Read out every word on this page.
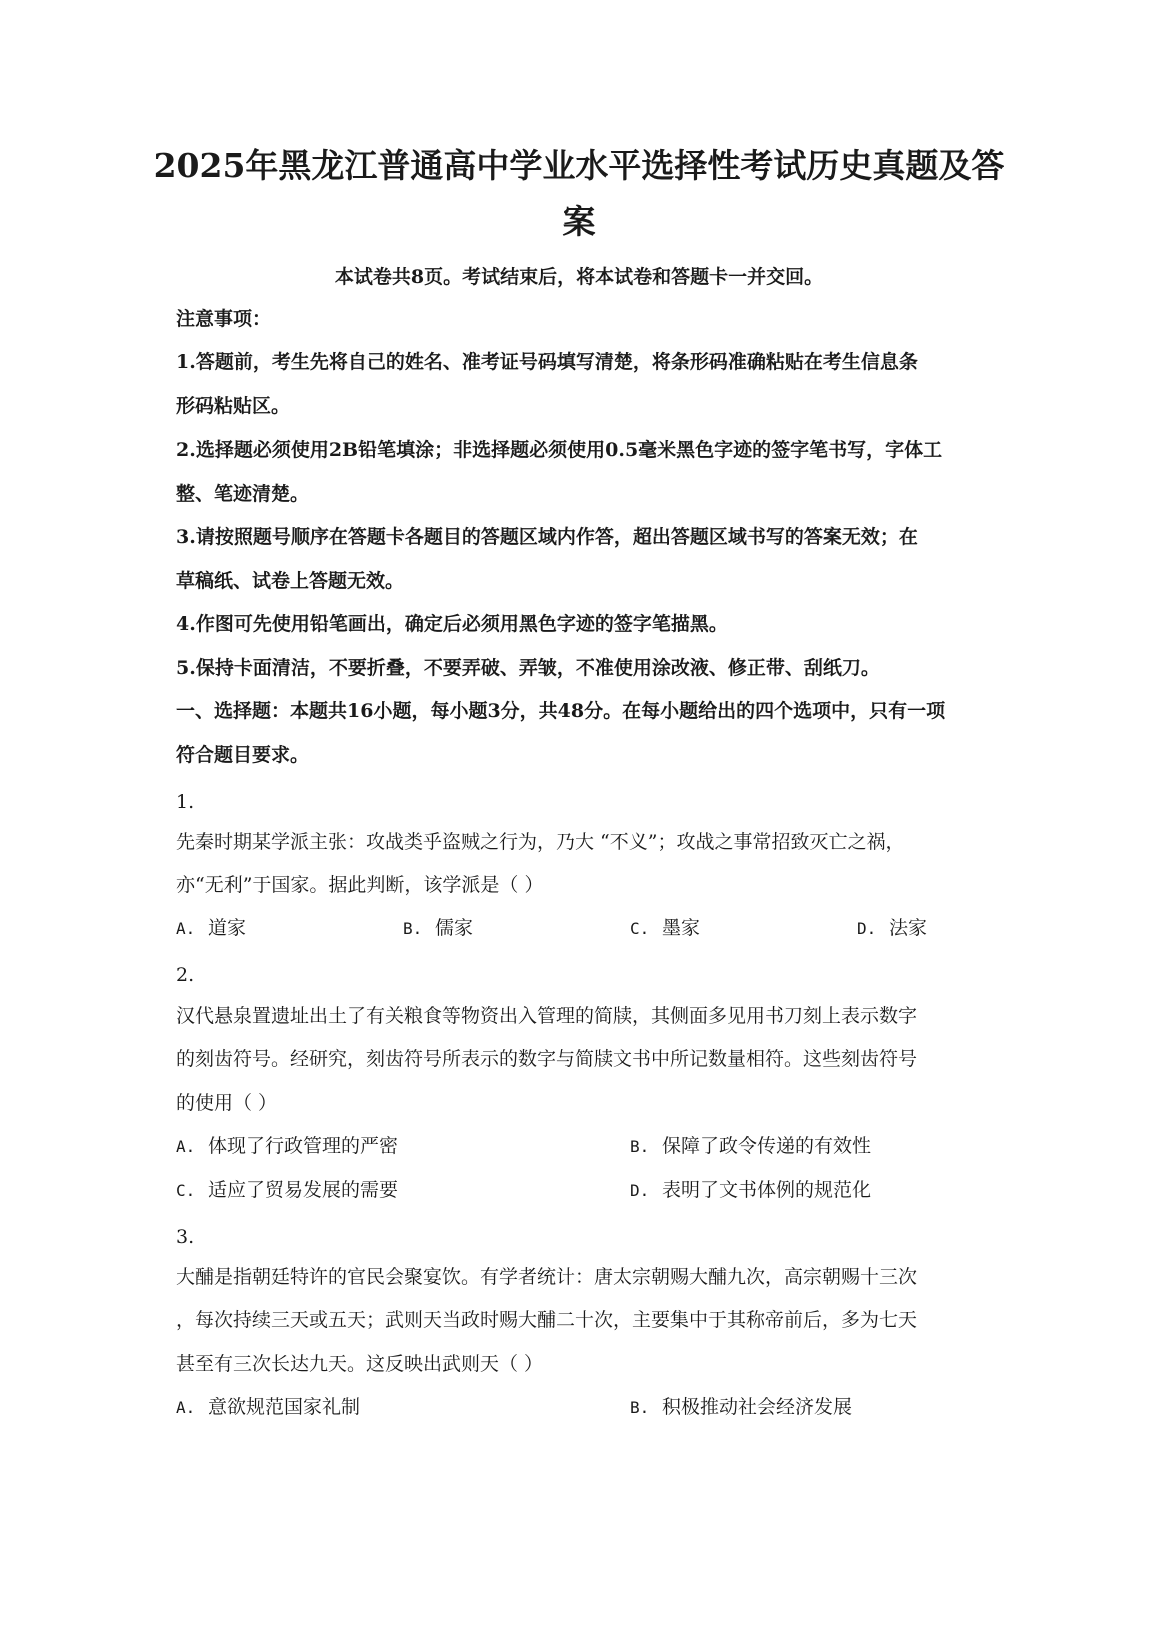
2025年黑龙江普通高中学业水平选择性考试历史真题及答
案
本试卷共8页。考试结束后，将本试卷和答题卡一并交回。
注意事项：
1.答题前，考生先将自己的姓名、准考证号码填写清楚，将条形码准确粘贴在考生信息条
形码粘贴区。
2.选择题必须使用2B铅笔填涂；非选择题必须使用0.5毫米黑色字迹的签字笔书写，字体工
整、笔迹清楚。
3.请按照题号顺序在答题卡各题目的答题区域内作答，超出答题区域书写的答案无效；在
草稿纸、试卷上答题无效。
4.作图可先使用铅笔画出，确定后必须用黑色字迹的签字笔描黑。
5.保持卡面清洁，不要折叠，不要弄破、弄皱，不准使用涂改液、修正带、刮纸刀。
一、选择题：本题共16小题，每小题3分，共48分。在每小题给出的四个选项中，只有一项
符合题目要求。
1.
先秦时期某学派主张：攻战类乎盗贼之行为，乃大 “不义”；攻战之事常招致灭亡之祸，
亦“无利”于国家。据此判断，该学派是（ ）
A. 道家	B. 儒家	C. 墨家	D. 法家
2.
汉代悬泉置遗址出土了有关粮食等物资出入管理的简牍，其侧面多见用书刀刻上表示数字
的刻齿符号。经研究，刻齿符号所表示的数字与简牍文书中所记数量相符。这些刻齿符号
的使用（ ）
A. 体现了行政管理的严密	B. 保障了政令传递的有效性
C. 适应了贸易发展的需要	D. 表明了文书体例的规范化
3.
大酺是指朝廷特许的官民会聚宴饮。有学者统计：唐太宗朝赐大酺九次，高宗朝赐十三次
，每次持续三天或五天；武则天当政时赐大酺二十次，主要集中于其称帝前后，多为七天
甚至有三次长达九天。这反映出武则天（ ）
A. 意欲规范国家礼制	B. 积极推动社会经济发展
